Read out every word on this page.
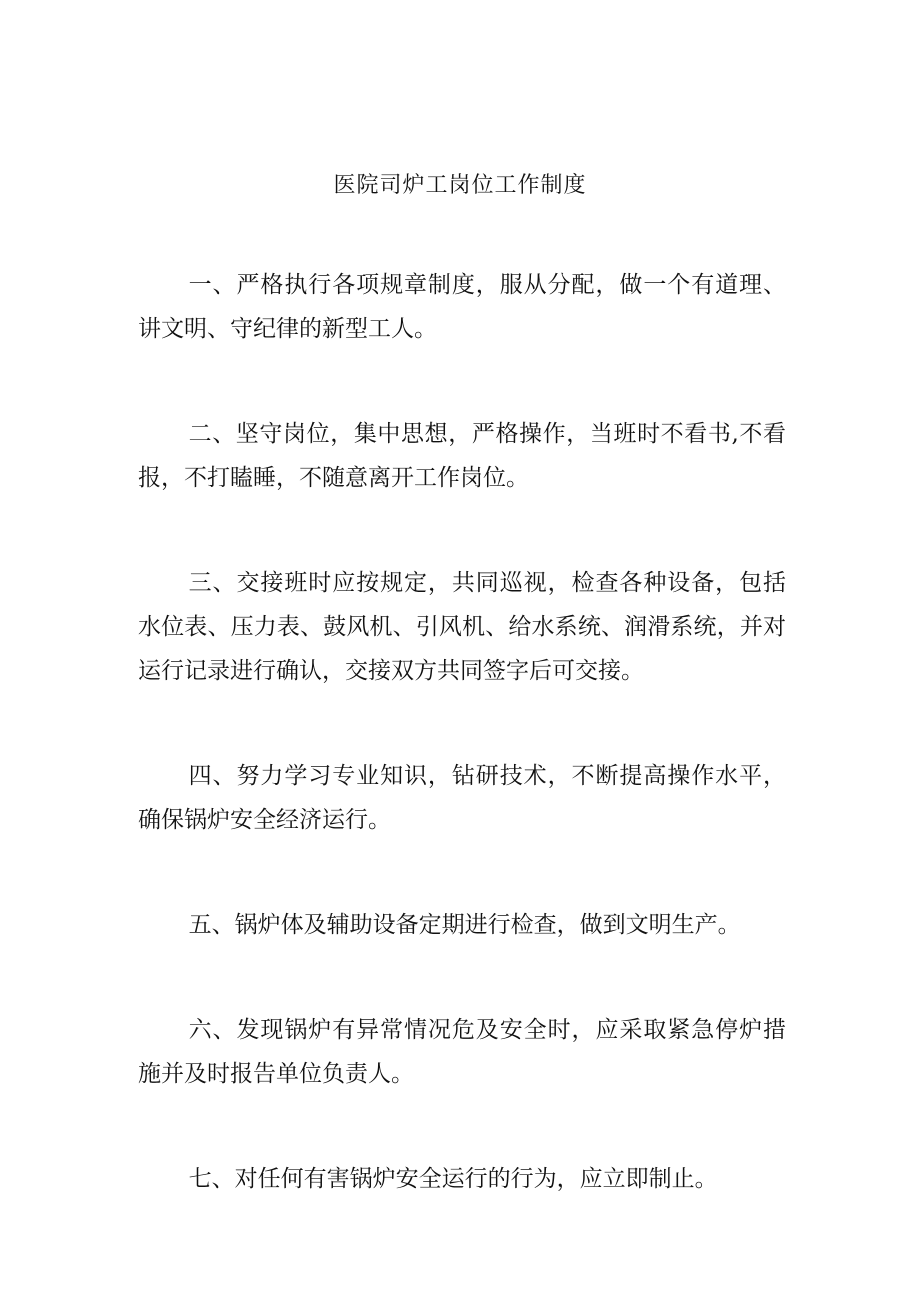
医院司炉工岗位工作制度

一、严格执行各项规章制度，服从分配，做一个有道理、讲文明、守纪律的新型工人。

二、坚守岗位，集中思想，严格操作，当班时不看书,不看报，不打瞌睡，不随意离开工作岗位。

三、交接班时应按规定，共同巡视，检查各种设备，包括水位表、压力表、鼓风机、引风机、给水系统、润滑系统，并对运行记录进行确认，交接双方共同签字后可交接。

四、努力学习专业知识，钻研技术，不断提高操作水平，确保锅炉安全经济运行。

五、锅炉体及辅助设备定期进行检查，做到文明生产。

六、发现锅炉有异常情况危及安全时，应采取紧急停炉措施并及时报告单位负责人。

七、对任何有害锅炉安全运行的行为，应立即制止。
